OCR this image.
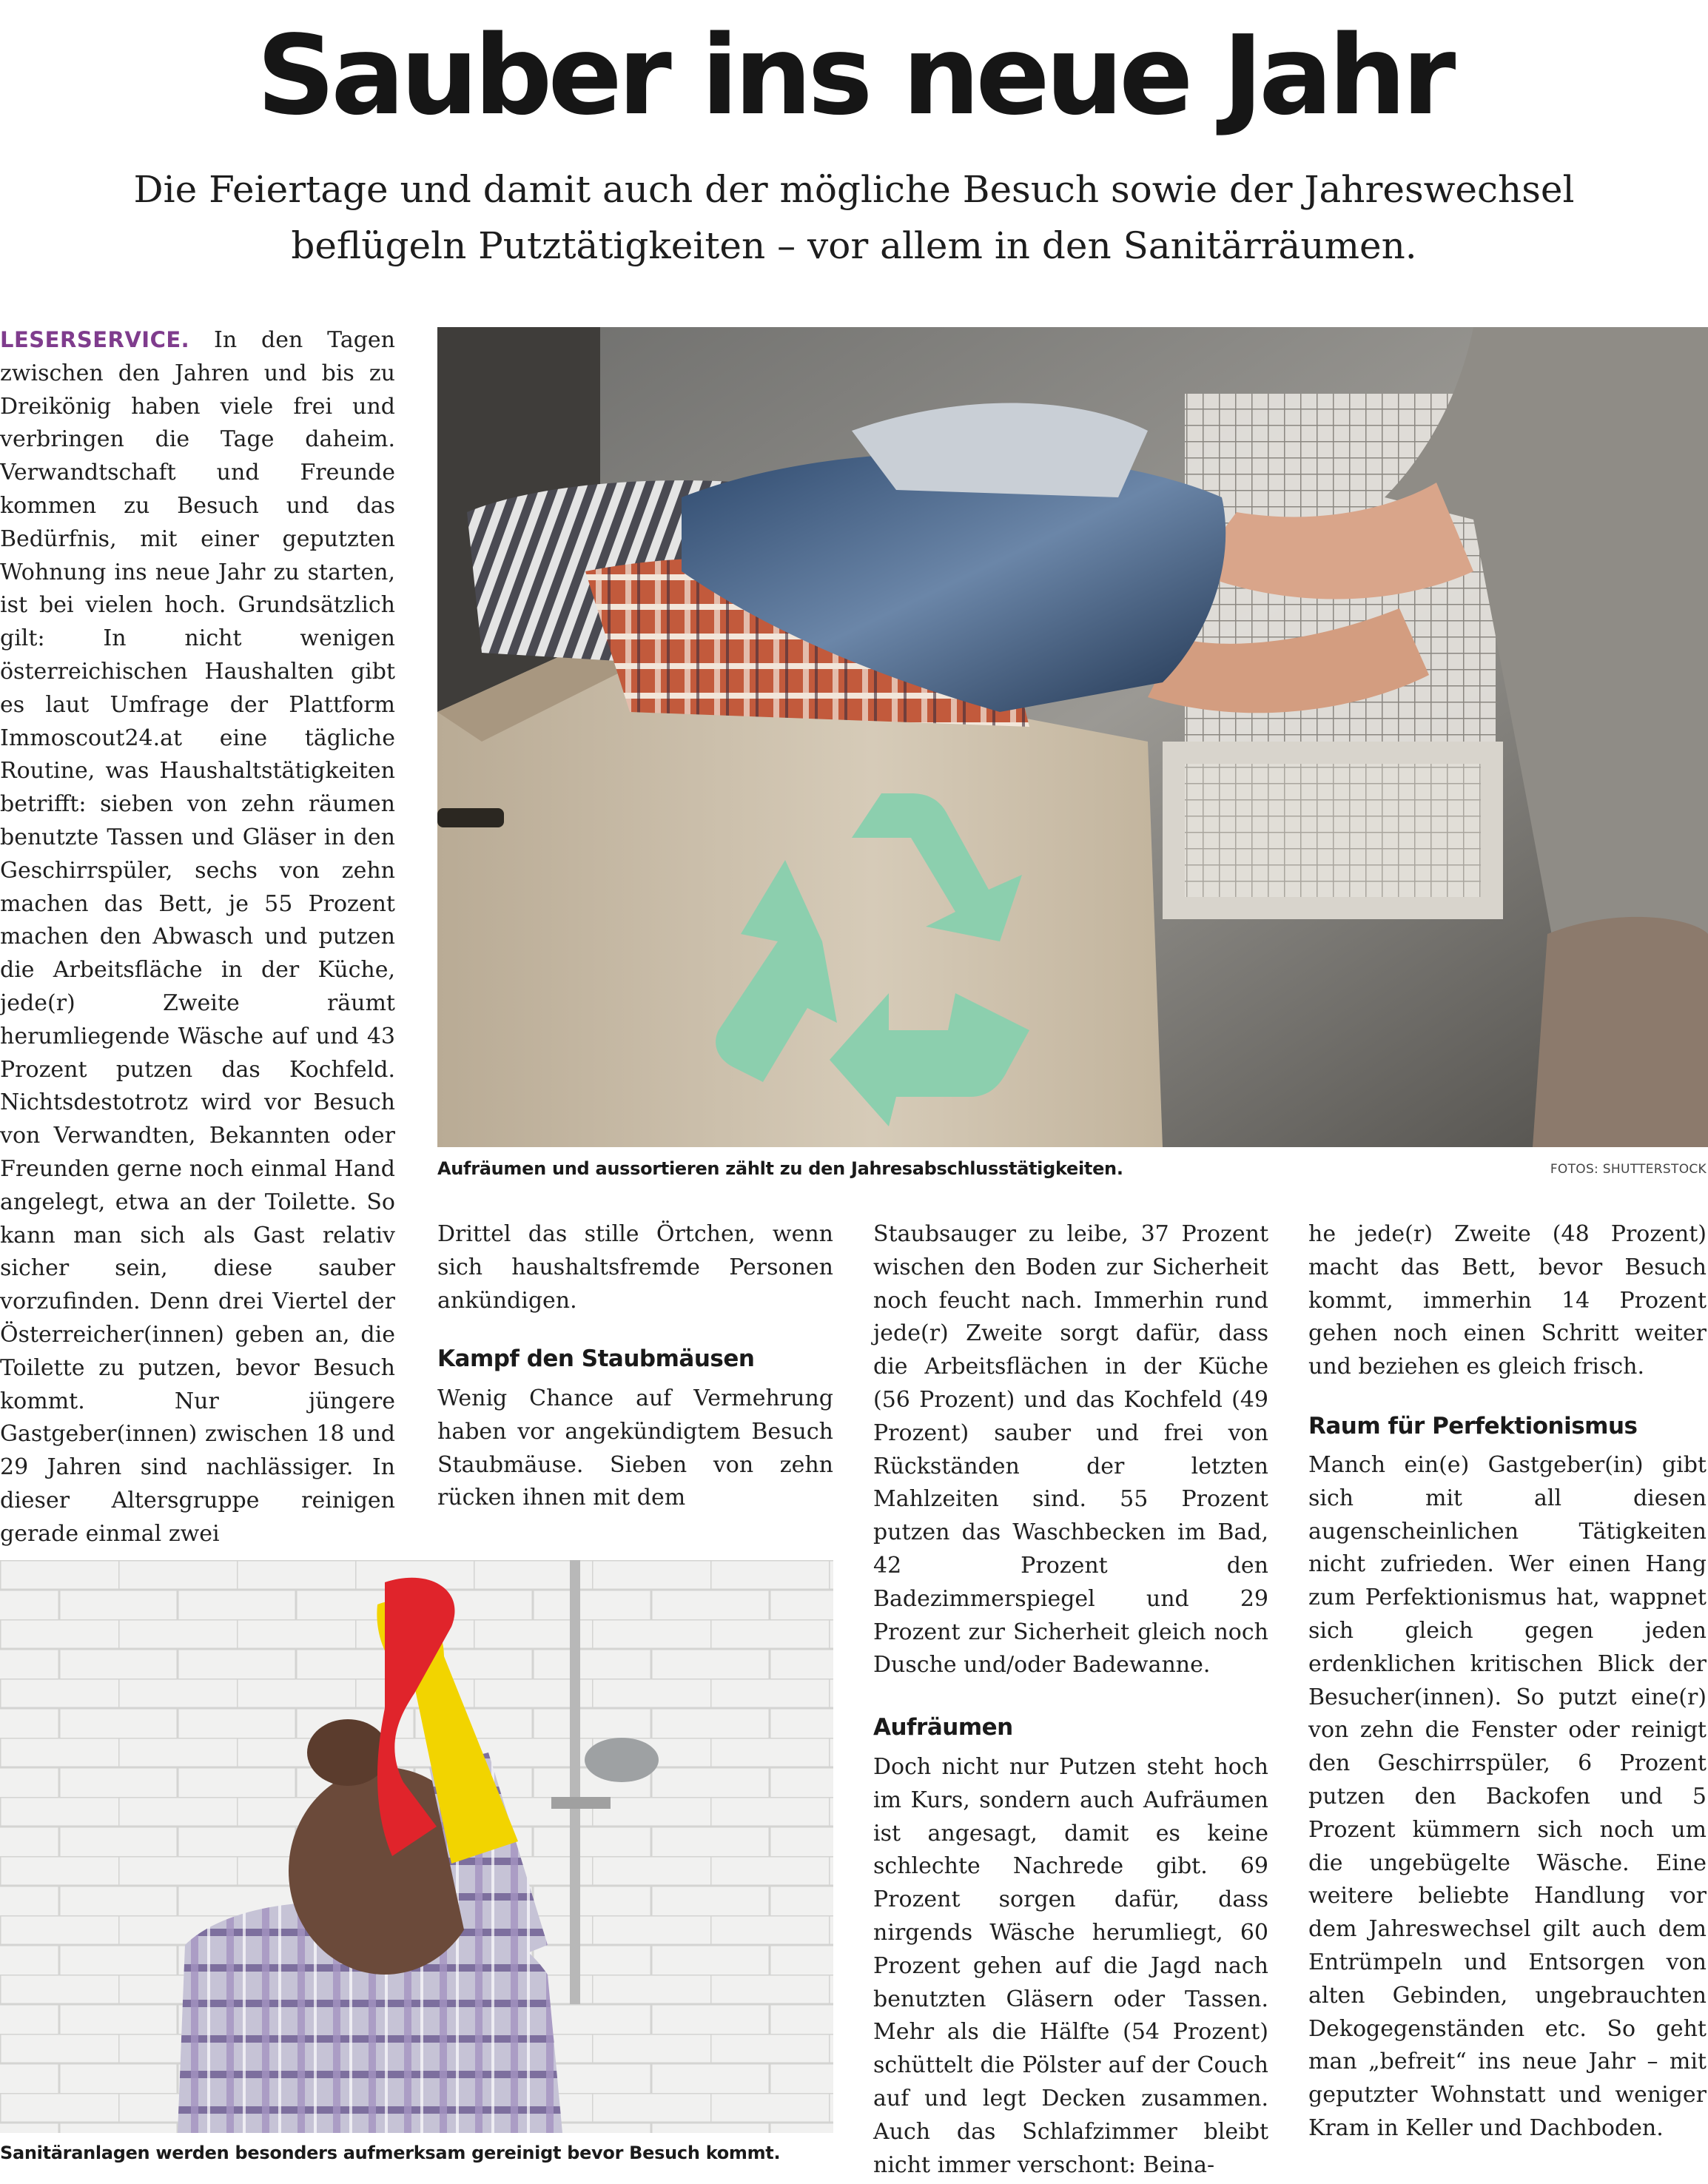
Sauber ins neue Jahr

Die Feiertage und damit auch der mögliche Besuch sowie der Jahreswechsel beflügeln Putztätigkeiten – vor allem in den Sanitärräumen.

LESERSERVICE. In den Tagen zwischen den Jahren und bis zu Dreikönig haben viele frei und verbringen die Tage daheim. Verwandtschaft und Freunde kommen zu Besuch und das Bedürfnis, mit einer geputzten Wohnung ins neue Jahr zu starten, ist bei vielen hoch. Grundsätzlich gilt: In nicht wenigen österreichischen Haushalten gibt es laut Umfrage der Plattform Immoscout24.at eine tägliche Routine, was Haushaltstätigkeiten betrifft: sieben von zehn räumen benutzte Tassen und Gläser in den Geschirrspüler, sechs von zehn machen das Bett, je 55 Prozent machen den Abwasch und putzen die Arbeitsfläche in der Küche, jede(r) Zweite räumt herumliegende Wäsche auf und 43 Prozent putzen das Kochfeld. Nichtsdestotrotz wird vor Besuch von Verwandten, Bekannten oder Freunden gerne noch einmal Hand angelegt, etwa an der Toilette. So kann man sich als Gast relativ sicher sein, diese sauber vorzufinden. Denn drei Viertel der Österreicher(innen) geben an, die Toilette zu putzen, bevor Besuch kommt. Nur jüngere Gastgeber(innen) zwischen 18 und 29 Jahren sind nachlässiger. In dieser Altersgruppe reinigen gerade einmal zwei

Aufräumen und aussortieren zählt zu den Jahresabschlusstätigkeiten.	FOTOS: SHUTTERSTOCK

Drittel das stille Örtchen, wenn sich haushaltsfremde Personen ankündigen.

Kampf den Staubmäusen

Wenig Chance auf Vermehrung haben vor angekündigtem Besuch Staubmäuse. Sieben von zehn rücken ihnen mit dem

Sanitäranlagen werden besonders aufmerksam gereinigt bevor Besuch kommt.

Staubsauger zu leibe, 37 Prozent wischen den Boden zur Sicherheit noch feucht nach. Immerhin rund jede(r) Zweite sorgt dafür, dass die Arbeitsflächen in der Küche (56 Prozent) und das Kochfeld (49 Prozent) sauber und frei von Rückständen der letzten Mahlzeiten sind. 55 Prozent putzen das Waschbecken im Bad, 42 Prozent den Badezimmerspiegel und 29 Prozent zur Sicherheit gleich noch Dusche und/oder Badewanne.

Aufräumen

Doch nicht nur Putzen steht hoch im Kurs, sondern auch Aufräumen ist angesagt, damit es keine schlechte Nachrede gibt. 69 Prozent sorgen dafür, dass nirgends Wäsche herumliegt, 60 Prozent gehen auf die Jagd nach benutzten Gläsern oder Tassen. Mehr als die Hälfte (54 Prozent) schüttelt die Pölster auf der Couch auf und legt Decken zusammen. Auch das Schlafzimmer bleibt nicht immer verschont: Beina-

he jede(r) Zweite (48 Prozent) macht das Bett, bevor Besuch kommt, immerhin 14 Prozent gehen noch einen Schritt weiter und beziehen es gleich frisch.

Raum für Perfektionismus

Manch ein(e) Gastgeber(in) gibt sich mit all diesen augenscheinlichen Tätigkeiten nicht zufrieden. Wer einen Hang zum Perfektionismus hat, wappnet sich gleich gegen jeden erdenklichen kritischen Blick der Besucher(innen). So putzt eine(r) von zehn die Fenster oder reinigt den Geschirrspüler, 6 Prozent putzen den Backofen und 5 Prozent kümmern sich noch um die ungebügelte Wäsche. Eine weitere beliebte Handlung vor dem Jahreswechsel gilt auch dem Entrümpeln und Entsorgen von alten Gebinden, ungebrauchten Dekogegenständen etc. So geht man „befreit“ ins neue Jahr – mit geputzter Wohnstatt und weniger Kram in Keller und Dachboden.
